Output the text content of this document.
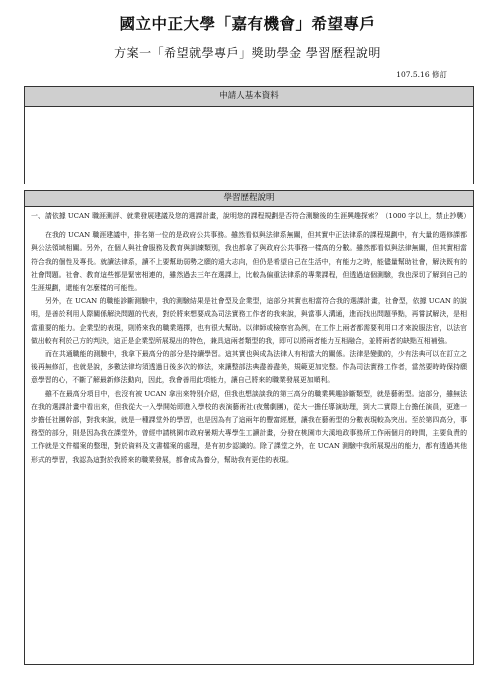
國立中正大學「嘉有機會」希望專戶
方案一「希望就學專戶」獎助學金 學習歷程說明
107.5.16 修訂
申請人基本資料
學習歷程說明
一、 請依據 UCAN 職涯測評、就業發展建議及您的選課計畫，說明您的課程規劃是否符合測驗後的生涯興趣探索？（1000 字以上，禁止抄襲）

在我的 UCAN 職涯建議中，排名第一位的是政府公共事務。雖然看似與法律系無關，但其實中正法律系的課程規劃中，有大量的選修課都與公法領域相關。另外，在個人與社會服務及教育與訓練類別，我也都拿了與政府公共事務一樣高的分數。雖然都看似與法律無關，但其實相當符合我的個性及專長。就讀法律系，讀不上要幫助弱勢之願的遠大志向，但仍是希望自己在生活中，有能力之時，能儘量幫助社會，解決既有的社會問題。社會、教育這些都是緊密相連的，雖然過去三年在選課上，比較為偏重法律系的專業課程，但透過這個測驗，我也深切了解到自己的生涯規劃，還能有怎麼樣的可能性。

另外，在 UCAN 的職能診斷測驗中，我的測驗結果是社會型及企業型，這部分其實也相當符合我的選課計畫，社會型，依據 UCAN 的說明，是善於利用人際關係解決問題的代表，對於將來想要成為司法實務工作者的我來說，與當事人溝通，進而找出問題爭點，再嘗試解決，是相當重要的能力。企業型的表現，則將來我的職業選擇，也有很大幫助。以律師或檢察官為例，在工作上兩者都需要利用口才來說服法官，以法官做出較有利於己方的判決，這正是企業型所展現出的特色，兼具這兩者類型的我，即可以將兩者能力互相融合，並將兩者的缺點互相補強。

而在共通職能的測驗中，我拿下最高分的部分是持續學習。這其實也與成為法律人有相當大的關係。法律是變動的，少有法典可以在訂立之後再無修訂，也就是說，多數法律均須透過日後多次的修法，來讓整部法典盡善盡美，規範更加完整。作為司法實務工作者，當然要時時保持願意學習的心，不斷了解最新修法動向，因此，我會善用此項能力，讓自己將來的職業發展更加順利。

雖不在最高分項目中，也沒有被 UCAN 拿出來特別介紹，但我也想談談我的第三高分的職業興趣診斷類型，就是藝術型。這部分，雖無法在我的選課計畫中看出來，但我從大一入學開始即進入學校的表演藝術社(夜鶯劇團)，從大一擔任導演助理，到大二實際上台擔任演員，更進一步擔任社團幹部，對我來說，就是一種課堂外的學習，也是因為有了這兩年的豐富經歷，讓我在藝術型的分數表現較為突出。至於第四高分，事務型的部分，則是因為我在課堂外，曾經申請桃園市政府暑期大專學生工讀計畫，分發在桃園市大溪地政事務所工作兩個月的時間，主要負責的工作就是文件檔案的整理，對於資料及文書檔案的處理，是有初步認識的。除了課堂之外，在 UCAN 測驗中我所展現出的能力，都有透過其他形式的學習，我認為這對於我將來的職業發展，都會成為養分，幫助我有更佳的表現。
